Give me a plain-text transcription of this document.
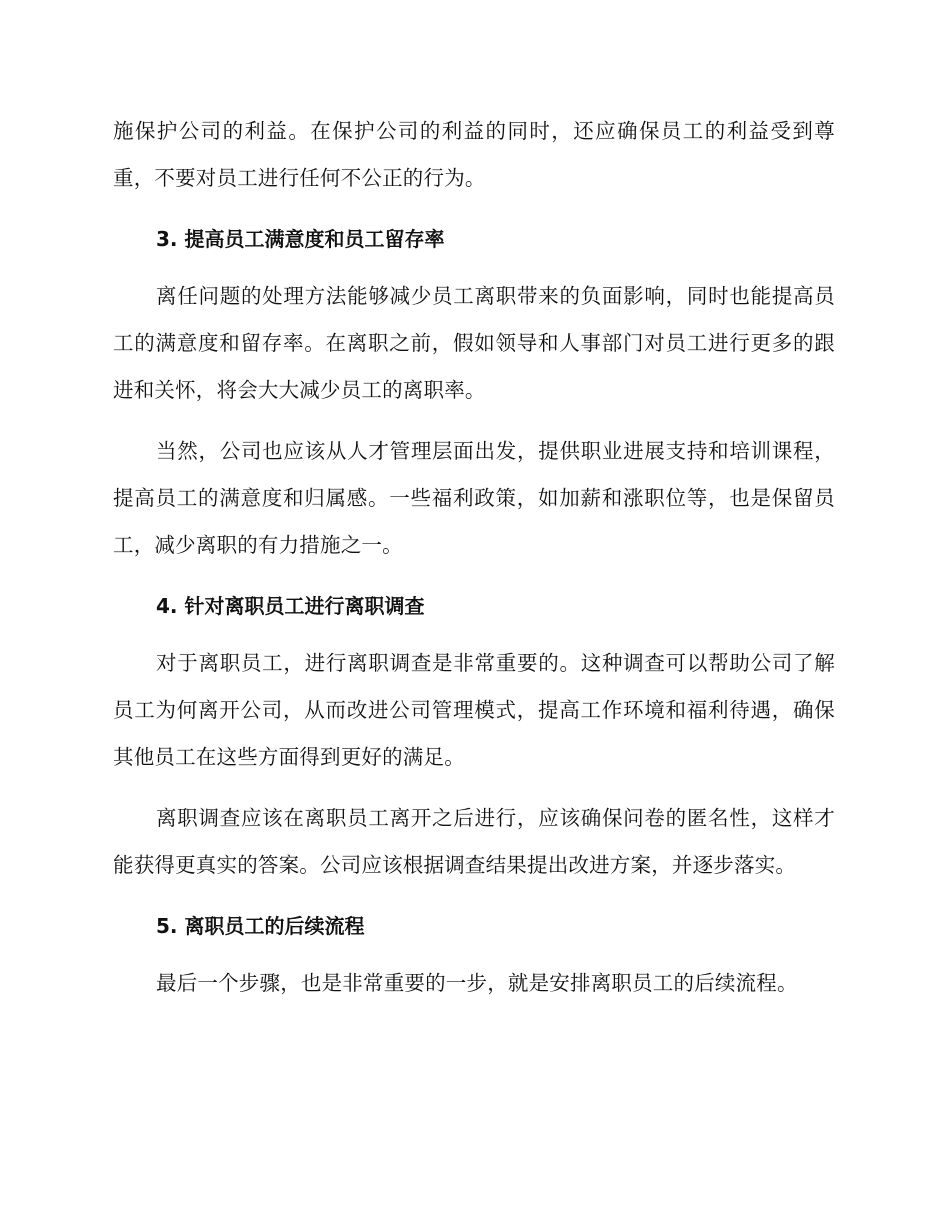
施保护公司的利益。在保护公司的利益的同时，还应确保员工的利益受到尊重，不要对员工进行任何不公正的行为。

3. 提高员工满意度和员工留存率

离任问题的处理方法能够减少员工离职带来的负面影响，同时也能提高员工的满意度和留存率。在离职之前，假如领导和人事部门对员工进行更多的跟进和关怀，将会大大减少员工的离职率。

当然，公司也应该从人才管理层面出发，提供职业进展支持和培训课程，提高员工的满意度和归属感。一些福利政策，如加薪和涨职位等，也是保留员工，减少离职的有力措施之一。

4. 针对离职员工进行离职调查

对于离职员工，进行离职调查是非常重要的。这种调查可以帮助公司了解员工为何离开公司，从而改进公司管理模式，提高工作环境和福利待遇，确保其他员工在这些方面得到更好的满足。

离职调查应该在离职员工离开之后进行，应该确保问卷的匿名性，这样才能获得更真实的答案。公司应该根据调查结果提出改进方案，并逐步落实。

5. 离职员工的后续流程

最后一个步骤，也是非常重要的一步，就是安排离职员工的后续流程。
